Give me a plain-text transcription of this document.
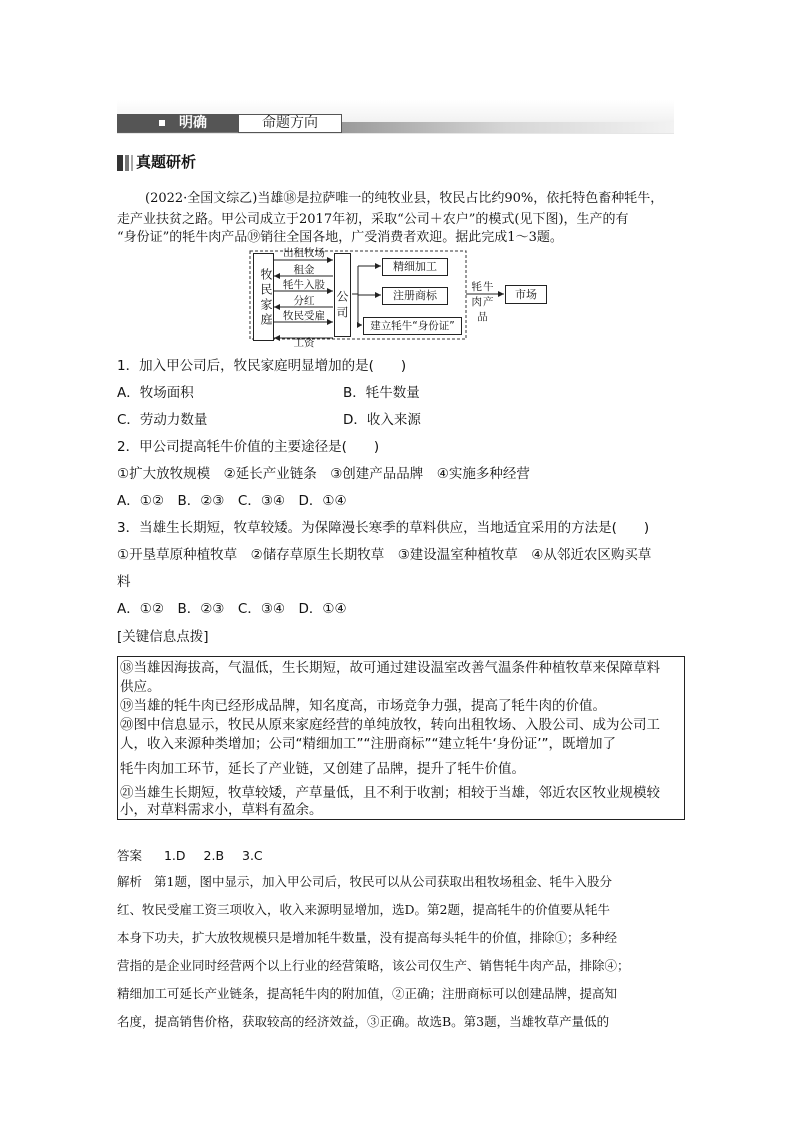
明确	命题方向
真题研析
(2022·全国文综乙)当雄⑱是拉萨唯一的纯牧业县，牧民占比约90%，依托特色畜种牦牛，
走产业扶贫之路。甲公司成立于2017年初，采取“公司＋农户”的模式(见下图)，生产的有
“身份证”的牦牛肉产品⑲销往全国各地，广受消费者欢迎。据此完成1～3题。
牧民家庭	公司
出租牧场
租金
牦牛入股
分红
牧民受雇
工资
精细加工
注册商标
建立牦牛“身份证”
牦牛肉产品
市场
1．加入甲公司后，牧民家庭明显增加的是(　　)
A．牧场面积	B．牦牛数量
C．劳动力数量	D．收入来源
2．甲公司提高牦牛价值的主要途径是(　　)
①扩大放牧规模　②延长产业链条　③创建产品品牌　④实施多种经营
A．①②　B．②③　C．③④　D．①④
3．当雄生长期短，牧草较矮。为保障漫长寒季的草料供应，当地适宜采用的方法是(　　)
①开垦草原种植牧草　②储存草原生长期牧草　③建设温室种植牧草　④从邻近农区购买草
料
A．①②　B．②③　C．③④　D．①④
[关键信息点拨]
⑱当雄因海拔高，气温低，生长期短，故可通过建设温室改善气温条件种植牧草来保障草料
供应。
⑲当雄的牦牛肉已经形成品牌，知名度高，市场竞争力强，提高了牦牛肉的价值。
⑳图中信息显示，牧民从原来家庭经营的单纯放牧，转向出租牧场、入股公司、成为公司工
人，收入来源种类增加；公司“精细加工”“注册商标”“建立牦牛‘身份证’”，既增加了
牦牛肉加工环节，延长了产业链，又创建了品牌，提升了牦牛价值。
㉑当雄生长期短，牧草较矮，产草量低，且不利于收割；相较于当雄，邻近农区牧业规模较
小，对草料需求小，草料有盈余。
答案 1.D 2.B 3.C
解析 第1题，图中显示，加入甲公司后，牧民可以从公司获取出租牧场租金、牦牛入股分
红、牧民受雇工资三项收入，收入来源明显增加，选D。第2题，提高牦牛的价值要从牦牛
本身下功夫，扩大放牧规模只是增加牦牛数量，没有提高每头牦牛的价值，排除①；多种经
营指的是企业同时经营两个以上行业的经营策略，该公司仅生产、销售牦牛肉产品，排除④；
精细加工可延长产业链条，提高牦牛肉的附加值，②正确；注册商标可以创建品牌，提高知
名度，提高销售价格，获取较高的经济效益，③正确。故选B。第3题，当雄牧草产量低的
